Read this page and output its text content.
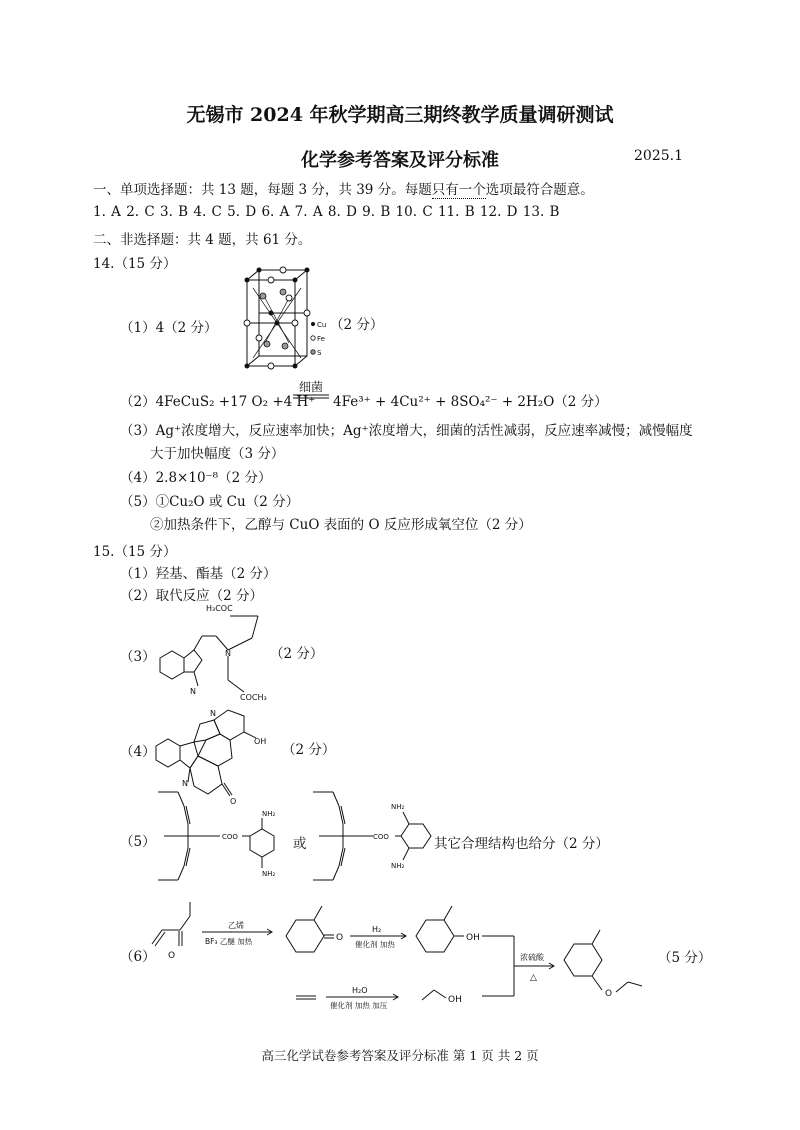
无锡市 2024 年秋学期高三期终教学质量调研测试
化学参考答案及评分标准	2025.1
一、单项选择题：共 13 题，每题 3 分，共 39 分。每题只有一个选项最符合题意。
1. A 2. C 3. B 4. C 5. D 6. A 7. A 8. D 9. B 10. C 11. B 12. D 13. B
二、非选择题：共 4 题，共 61 分。
14.（15 分）
（1）4（2 分）	Cu
Fe
S
（2 分）
（2）4FeCuS₂ +17 O₂ +4 H⁺
细菌
4Fe³⁺ + 4Cu²⁺ + 8SO₄²⁻ + 2H₂O（2 分）
（3）Ag⁺浓度增大，反应速率加快；Ag⁺浓度增大，细菌的活性减弱，反应速率减慢；减慢幅度
大于加快幅度（3 分）
（4）2.8×10⁻⁸（2 分）
（5）①Cu₂O 或 Cu（2 分）
②加热条件下，乙醇与 CuO 表面的 O 反应形成氧空位（2 分）
15.（15 分）
（1）羟基、酯基（2 分）
（2）取代反应（2 分）
（3）
H₃COC
N
N
COCH₃
（2 分）
（4）
N
N
OH
O
（2 分）
（5）	COO
NH₂
NH₂
或	COO
NH₂
NH₂
其它合理结构也给分（2 分）
（6） O
O	OH
OH
O
乙烯
BF₃ 乙醚 加热
H₂
催化剂 加热
浓硫酸
△
H₂O
催化剂 加热 加压
（5 分）
高三化学试卷参考答案及评分标准 第 1 页 共 2 页
